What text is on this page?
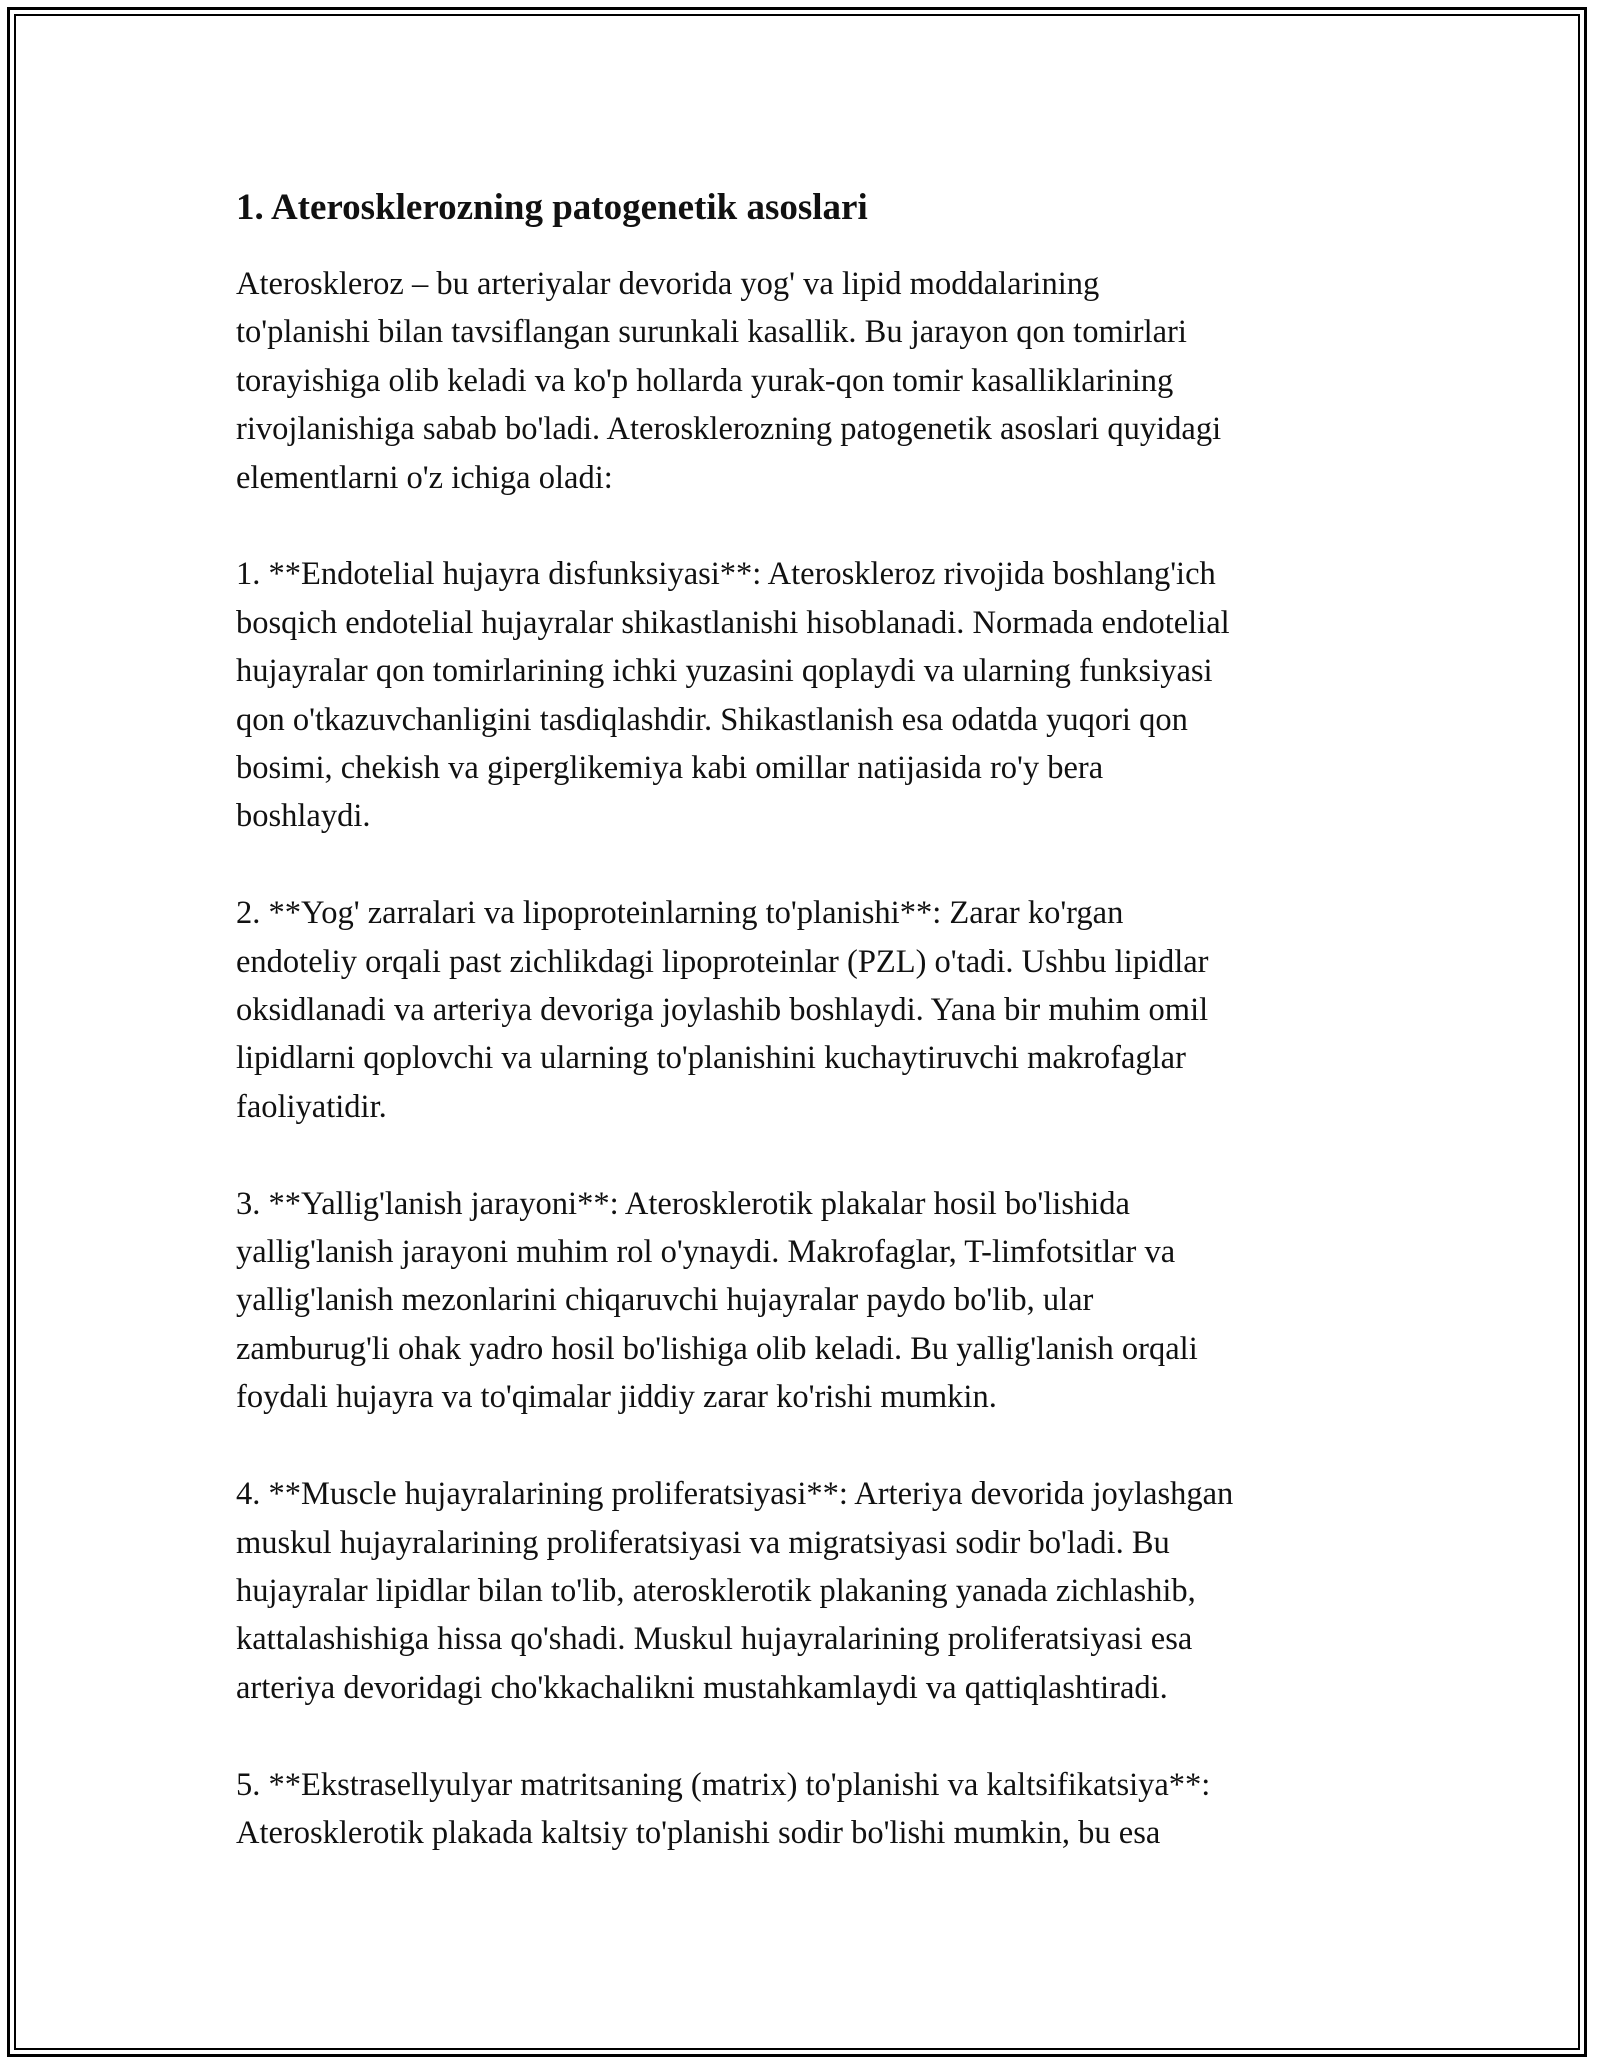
1. Aterosklerozning patogenetik asoslari

Ateroskleroz – bu arteriyalar devorida yog' va lipid moddalarining
to'planishi bilan tavsiflangan surunkali kasallik. Bu jarayon qon tomirlari
torayishiga olib keladi va ko'p hollarda yurak-qon tomir kasalliklarining
rivojlanishiga sabab bo'ladi. Aterosklerozning patogenetik asoslari quyidagi
elementlarni o'z ichiga oladi:

1. **Endotelial hujayra disfunksiyasi**: Ateroskleroz rivojida boshlang'ich
bosqich endotelial hujayralar shikastlanishi hisoblanadi. Normada endotelial
hujayralar qon tomirlarining ichki yuzasini qoplaydi va ularning funksiyasi
qon o'tkazuvchanligini tasdiqlashdir. Shikastlanish esa odatda yuqori qon
bosimi, chekish va giperglikemiya kabi omillar natijasida ro'y bera
boshlaydi.

2. **Yog' zarralari va lipoproteinlarning to'planishi**: Zarar ko'rgan
endoteliy orqali past zichlikdagi lipoproteinlar (PZL) o'tadi. Ushbu lipidlar
oksidlanadi va arteriya devoriga joylashib boshlaydi. Yana bir muhim omil
lipidlarni qoplovchi va ularning to'planishini kuchaytiruvchi makrofaglar
faoliyatidir.

3. **Yallig'lanish jarayoni**: Aterosklerotik plakalar hosil bo'lishida
yallig'lanish jarayoni muhim rol o'ynaydi. Makrofaglar, T-limfotsitlar va
yallig'lanish mezonlarini chiqaruvchi hujayralar paydo bo'lib, ular
zamburug'li ohak yadro hosil bo'lishiga olib keladi. Bu yallig'lanish orqali
foydali hujayra va to'qimalar jiddiy zarar ko'rishi mumkin.

4. **Muscle hujayralarining proliferatsiyasi**: Arteriya devorida joylashgan
muskul hujayralarining proliferatsiyasi va migratsiyasi sodir bo'ladi. Bu
hujayralar lipidlar bilan to'lib, aterosklerotik plakaning yanada zichlashib,
kattalashishiga hissa qo'shadi. Muskul hujayralarining proliferatsiyasi esa
arteriya devoridagi cho'kkachalikni mustahkamlaydi va qattiqlashtiradi.

5. **Ekstrasellyulyar matritsaning (matrix) to'planishi va kaltsifikatsiya**:
Aterosklerotik plakada kaltsiy to'planishi sodir bo'lishi mumkin, bu esa
